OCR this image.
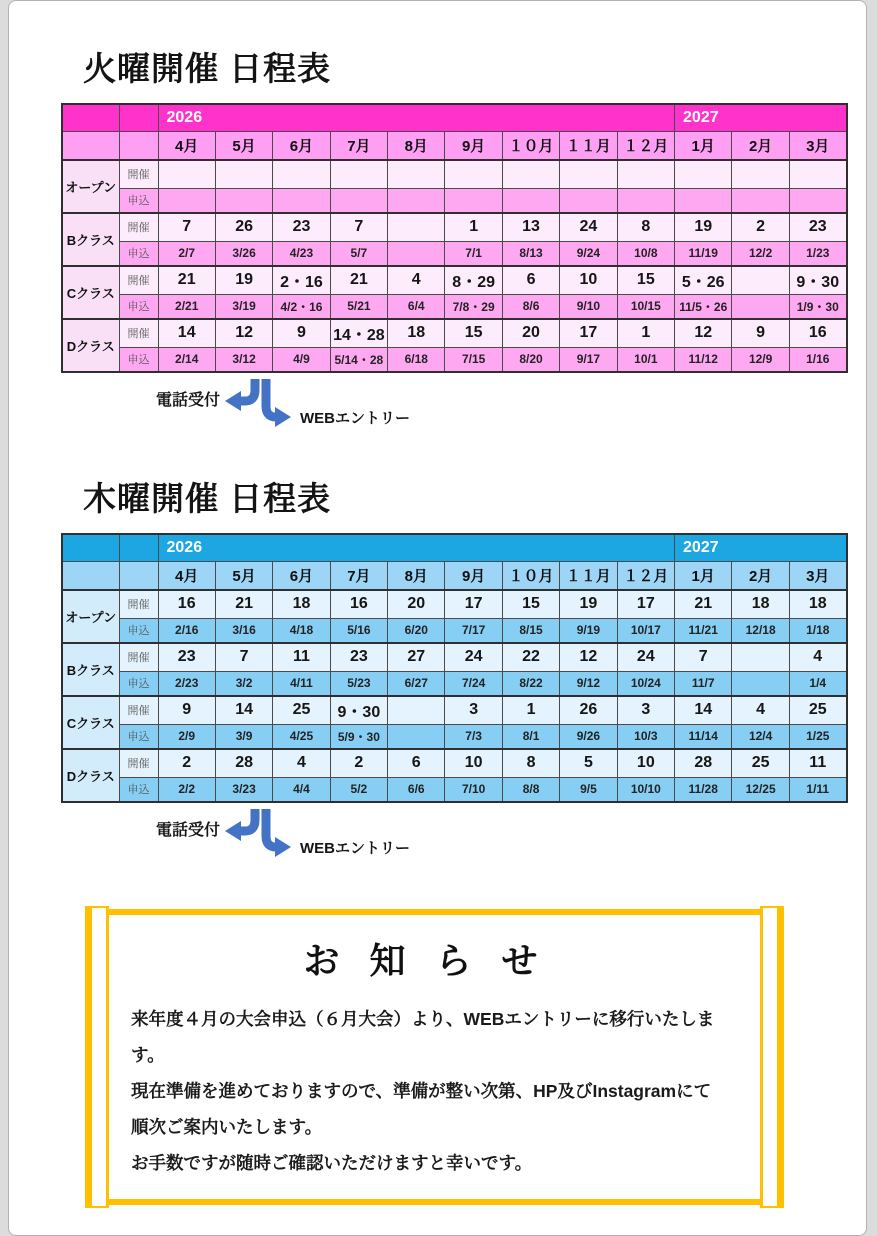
火曜開催 日程表
		2026									2027		
		4月	5月	6月	7月	8月	9月	１０月	１１月	１２月	1月	2月	3月
オープン	開催												
	申込												
Bクラス	開催	7	26	23	7		1	13	24	8	19	2	23
	申込	2/7	3/26	4/23	5/7		7/1	8/13	9/24	10/8	11/19	12/2	1/23
Cクラス	開催	21	19	2・16	21	4	8・29	6	10	15	5・26		9・30
	申込	2/21	3/19	4/2・16	5/21	6/4	7/8・29	8/6	9/10	10/15	11/5・26		1/9・30
Dクラス	開催	14	12	9	14・28	18	15	20	17	1	12	9	16
	申込	2/14	3/12	4/9	5/14・28	6/18	7/15	8/20	9/17	10/1	11/12	12/9	1/16
電話受付
WEBエントリー
木曜開催 日程表
		2026									2027		
		4月	5月	6月	7月	8月	9月	１０月	１１月	１２月	1月	2月	3月
オープン	開催	16	21	18	16	20	17	15	19	17	21	18	18
	申込	2/16	3/16	4/18	5/16	6/20	7/17	8/15	9/19	10/17	11/21	12/18	1/18
Bクラス	開催	23	7	11	23	27	24	22	12	24	7		4
	申込	2/23	3/2	4/11	5/23	6/27	7/24	8/22	9/12	10/24	11/7		1/4
Cクラス	開催	9	14	25	9・30		3	1	26	3	14	4	25
	申込	2/9	3/9	4/25	5/9・30		7/3	8/1	9/26	10/3	11/14	12/4	1/25
Dクラス	開催	2	28	4	2	6	10	8	5	10	28	25	11
	申込	2/2	3/23	4/4	5/2	6/6	7/10	8/8	9/5	10/10	11/28	12/25	1/11
電話受付
WEBエントリー
お 知 ら せ

来年度４月の大会申込（６月大会）より、WEBエントリーに移行いたします。

現在準備を進めておりますので、準備が整い次第、HP及びInstagramにて

順次ご案内いたします。

お手数ですが随時ご確認いただけますと幸いです。
